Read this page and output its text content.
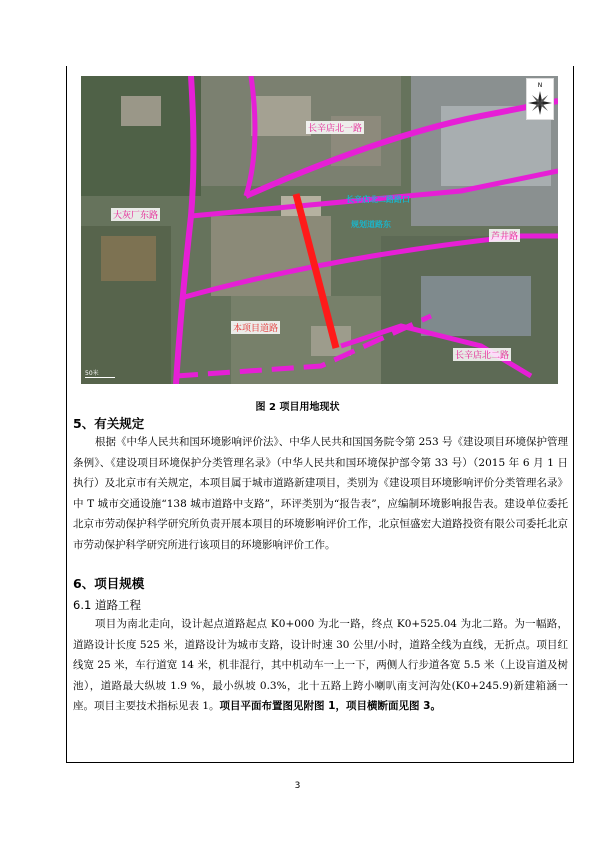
长辛店北一路
大灰厂东路
长辛店北二路路口
规划道路东
芦井路
本项目道路
长辛店北二路
50米
N
图 2 项目用地现状
5、有关规定

根据《中华人民共和国环境影响评价法》、中华人民共和国国务院令第 253 号《建设项目环境保护管理条例》、《建设项目环境保护分类管理名录》（中华人民共和国环境保护部令第 33 号）（2015 年 6 月 1 日执行）及北京市有关规定，本项目属于城市道路新建项目，类别为《建设项目环境影响评价分类管理名录》中 T 城市交通设施“138 城市道路中支路”，环评类别为“报告表”，应编制环境影响报告表。建设单位委托北京市劳动保护科学研究所负责开展本项目的环境影响评价工作，北京恒盛宏大道路投资有限公司委托北京市劳动保护科学研究所进行该项目的环境影响评价工作。

6、项目规模
6.1 道路工程

项目为南北走向，设计起点道路起点 K0+000 为北一路，终点 K0+525.04 为北二路。为一幅路，道路设计长度 525 米，道路设计为城市支路，设计时速 30 公里/小时，道路全线为直线，无折点。项目红线宽 25 米，车行道宽 14 米，机非混行，其中机动车一上一下，两侧人行步道各宽 5.5 米（上设盲道及树池），道路最大纵坡 1.9 %，最小纵坡 0.3%，北十五路上跨小喇叭南支河沟处(K0+245.9)新建箱涵一座。项目主要技术指标见表 1。项目平面布置图见附图 1，项目横断面见图 3。

3
